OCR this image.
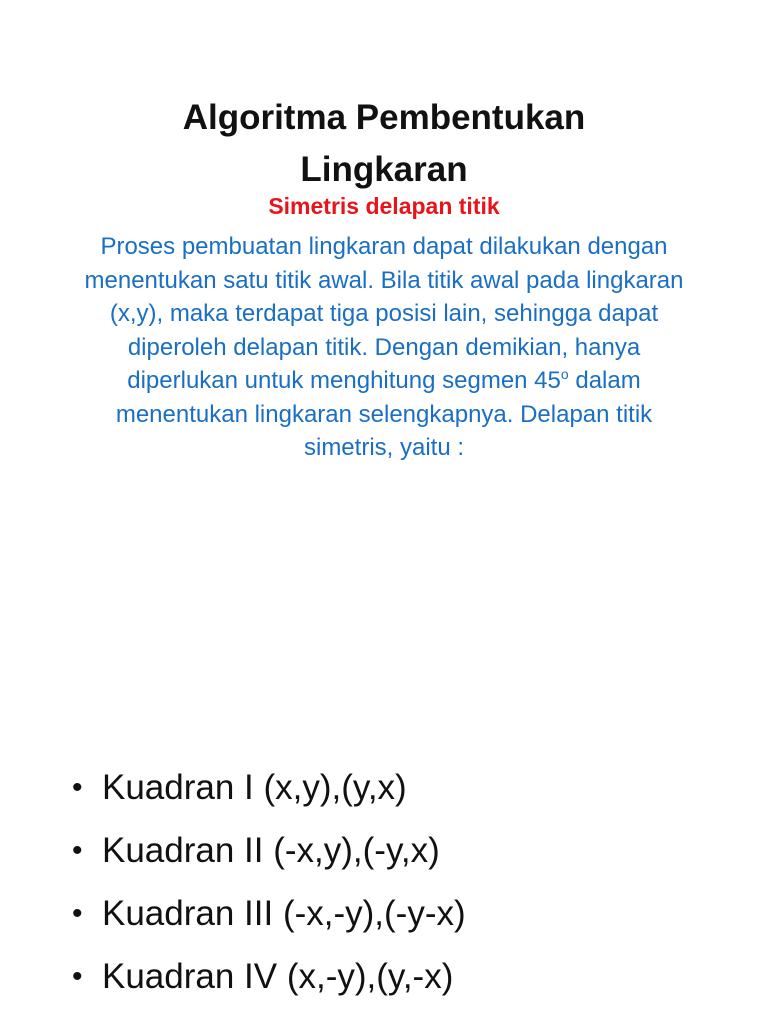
Algoritma Pembentukan
Lingkaran

Simetris delapan titik

Proses pembuatan lingkaran dapat dilakukan dengan menentukan satu titik awal. Bila titik awal pada lingkaran (x,y), maka terdapat tiga posisi lain, sehingga dapat diperoleh delapan titik. Dengan demikian, hanya diperlukan untuk menghitung segmen 45$^o$ dalam menentukan lingkaran selengkapnya. Delapan titik simetris, yaitu :

• Kuadran I (x,y),(y,x)
• Kuadran II (-x,y),(-y,x)
• Kuadran III (-x,-y),(-y-x)
• Kuadran IV (x,-y),(y,-x)
